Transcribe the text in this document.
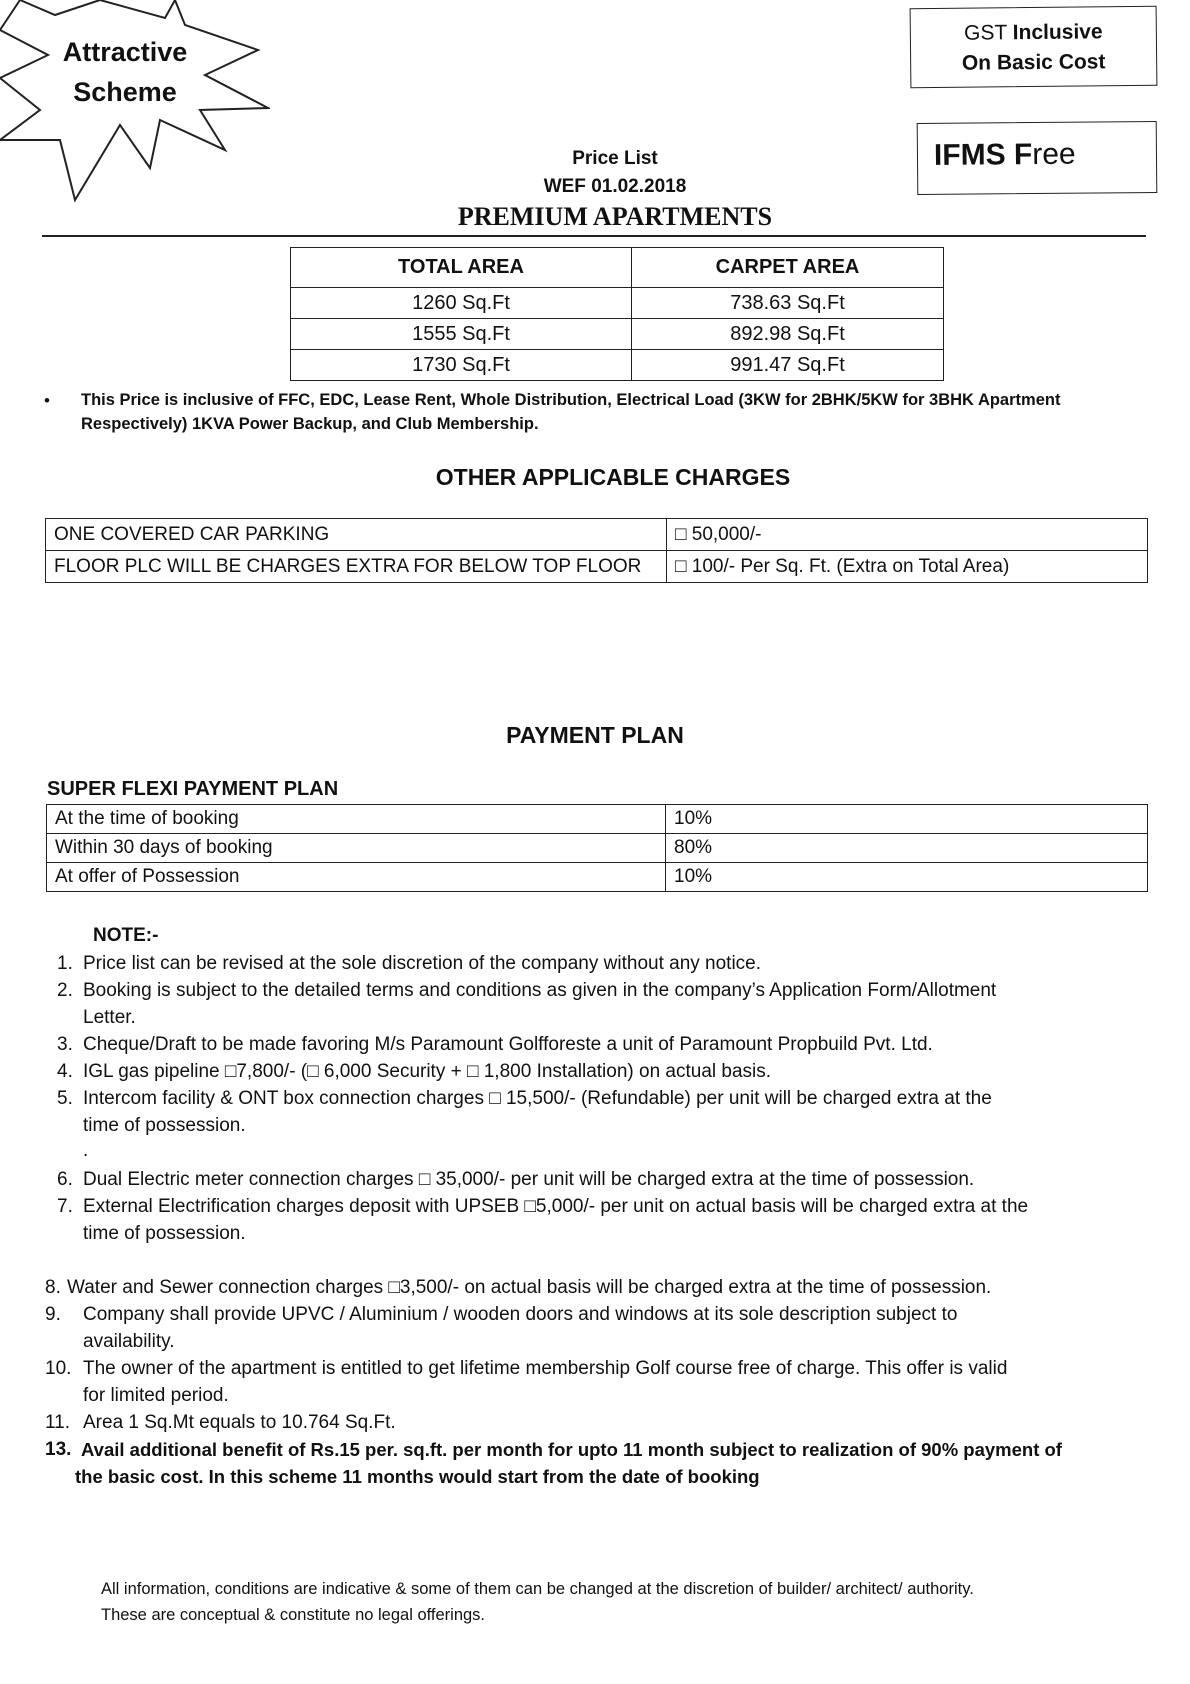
Attractive
Scheme
GST Inclusive
On Basic Cost
IFMS Free
Price List
WEF 01.02.2018
PREMIUM APARTMENTS
TOTAL AREA	CARPET AREA
1260 Sq.Ft	738.63 Sq.Ft
1555 Sq.Ft	892.98 Sq.Ft
1730 Sq.Ft	991.47 Sq.Ft
• This Price is inclusive of FFC, EDC, Lease Rent, Whole Distribution, Electrical Load (3KW for 2BHK/5KW for 3BHK Apartment
Respectively) 1KVA Power Backup, and Club Membership.
OTHER APPLICABLE CHARGES
ONE COVERED CAR PARKING	□ 50,000/-
FLOOR PLC WILL BE CHARGES EXTRA FOR BELOW TOP FLOOR	□ 100/- Per Sq. Ft. (Extra on Total Area)
PAYMENT PLAN
SUPER FLEXI PAYMENT PLAN
At the time of booking	10%
Within 30 days of booking	80%
At offer of Possession	10%
NOTE:-
1. Price list can be revised at the sole discretion of the company without any notice.
2. Booking is subject to the detailed terms and conditions as given in the company’s Application Form/Allotment
Letter.
3. Cheque/Draft to be made favoring M/s Paramount Golfforeste a unit of Paramount Propbuild Pvt. Ltd.
4. IGL gas pipeline □7,800/- (□ 6,000 Security + □ 1,800 Installation) on actual basis.
5. Intercom facility & ONT box connection charges □ 15,500/- (Refundable) per unit will be charged extra at the
time of possession.
.
6. Dual Electric meter connection charges □ 35,000/- per unit will be charged extra at the time of possession.
7. External Electrification charges deposit with UPSEB □5,000/- per unit on actual basis will be charged extra at the
time of possession.
8. Water and Sewer connection charges □3,500/- on actual basis will be charged extra at the time of possession.
9. Company shall provide UPVC / Aluminium / wooden doors and windows at its sole description subject to
availability.
10. The owner of the apartment is entitled to get lifetime membership Golf course free of charge. This offer is valid
for limited period.
11. Area 1 Sq.Mt equals to 10.764 Sq.Ft.
13. Avail additional benefit of Rs.15 per. sq.ft. per month for upto 11 month subject to realization of 90% payment of
the basic cost. In this scheme 11 months would start from the date of booking
All information, conditions are indicative & some of them can be changed at the discretion of builder/ architect/ authority.
These are conceptual & constitute no legal offerings.
